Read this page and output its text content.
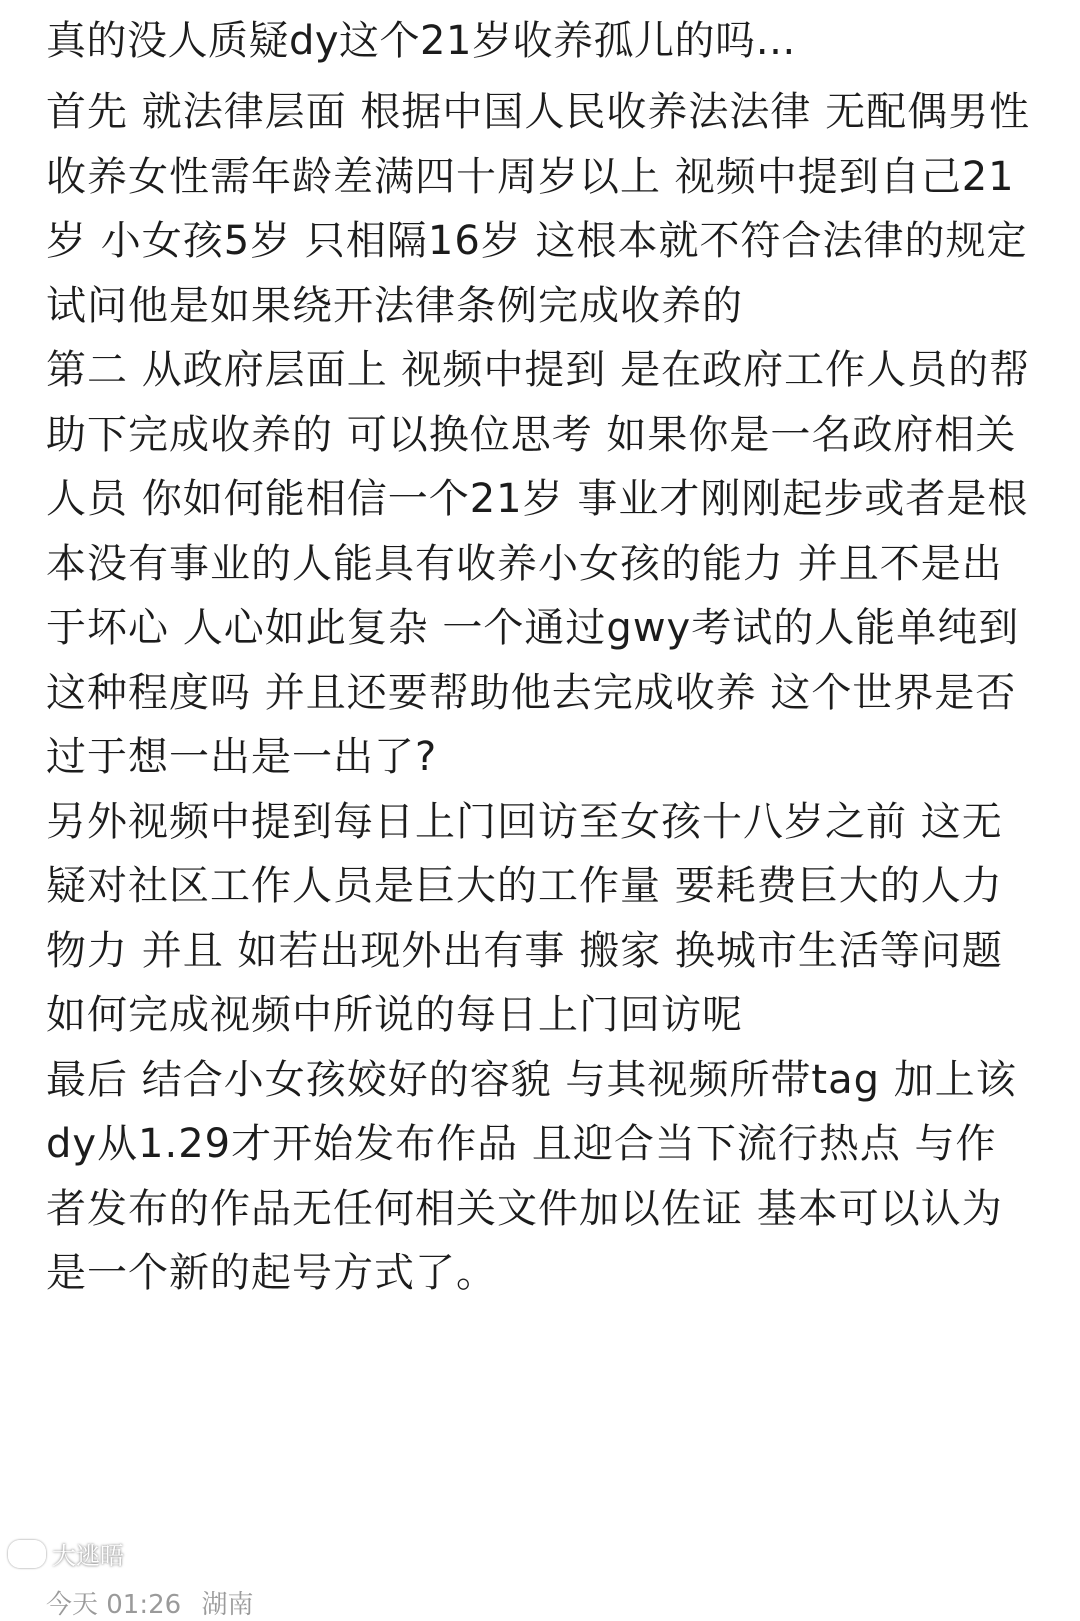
真的没人质疑dy这个21岁收养孤儿的吗…

首先 就法律层面 根据中国人民收养法法律 无配偶男性收养女性需年龄差满四十周岁以上 视频中提到自己21岁 小女孩5岁 只相隔16岁 这根本就不符合法律的规定 试问他是如果绕开法律条例完成收养的

第二 从政府层面上 视频中提到 是在政府工作人员的帮助下完成收养的 可以换位思考 如果你是一名政府相关人员 你如何能相信一个21岁 事业才刚刚起步或者是根本没有事业的人能具有收养小女孩的能力 并且不是出于坏心 人心如此复杂 一个通过gwy考试的人能单纯到这种程度吗 并且还要帮助他去完成收养 这个世界是否过于想一出是一出了?

另外视频中提到每日上门回访至女孩十八岁之前 这无疑对社区工作人员是巨大的工作量 要耗费巨大的人力物力 并且 如若出现外出有事 搬家 换城市生活等问题 如何完成视频中所说的每日上门回访呢

最后 结合小女孩姣好的容貌 与其视频所带tag 加上该dy从1.29才开始发布作品 且迎合当下流行热点 与作者发布的作品无任何相关文件加以佐证 基本可以认为是一个新的起号方式了。

今天 01:26 湖南
大逃晤
